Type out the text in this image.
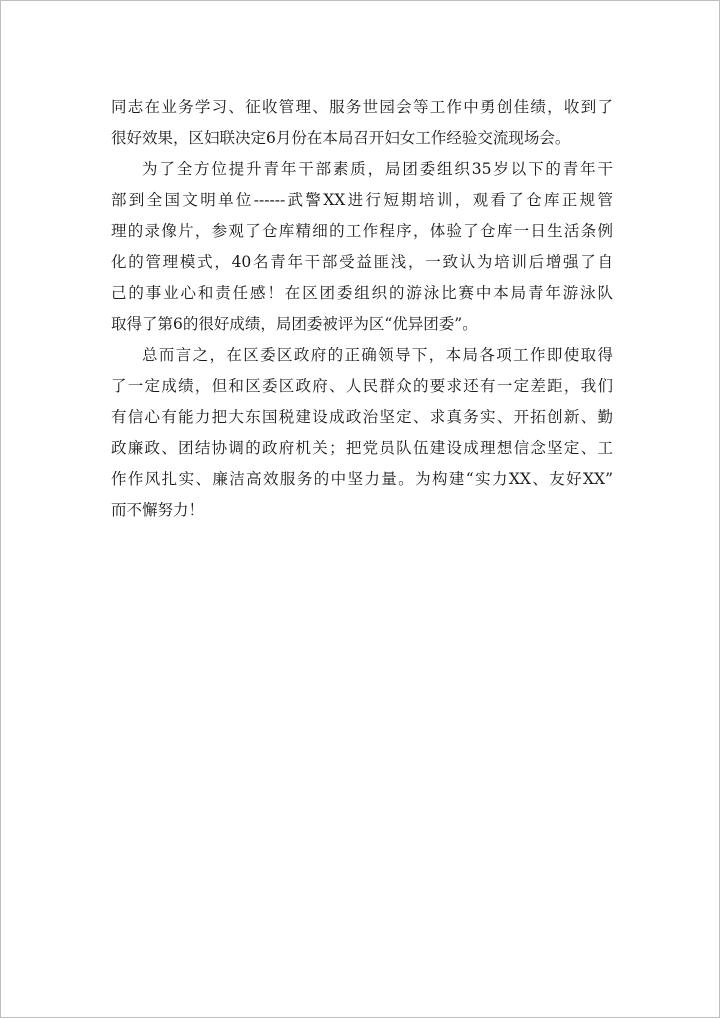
同志在业务学习、征收管理、服务世园会等工作中勇创佳绩，收到了
很好效果，区妇联决定6月份在本局召开妇女工作经验交流现场会。
为了全方位提升青年干部素质，局团委组织35岁以下的青年干
部到全国文明单位------武警XX进行短期培训，观看了仓库正规管
理的录像片，参观了仓库精细的工作程序，体验了仓库一日生活条例
化的管理模式，40名青年干部受益匪浅，一致认为培训后增强了自
己的事业心和责任感！在区团委组织的游泳比赛中本局青年游泳队
取得了第6的很好成绩，局团委被评为区“优异团委”。
总而言之，在区委区政府的正确领导下，本局各项工作即使取得
了一定成绩，但和区委区政府、人民群众的要求还有一定差距，我们
有信心有能力把大东国税建设成政治坚定、求真务实、开拓创新、勤
政廉政、团结协调的政府机关；把党员队伍建设成理想信念坚定、工
作作风扎实、廉洁高效服务的中坚力量。为构建“实力XX、友好XX”
而不懈努力！
